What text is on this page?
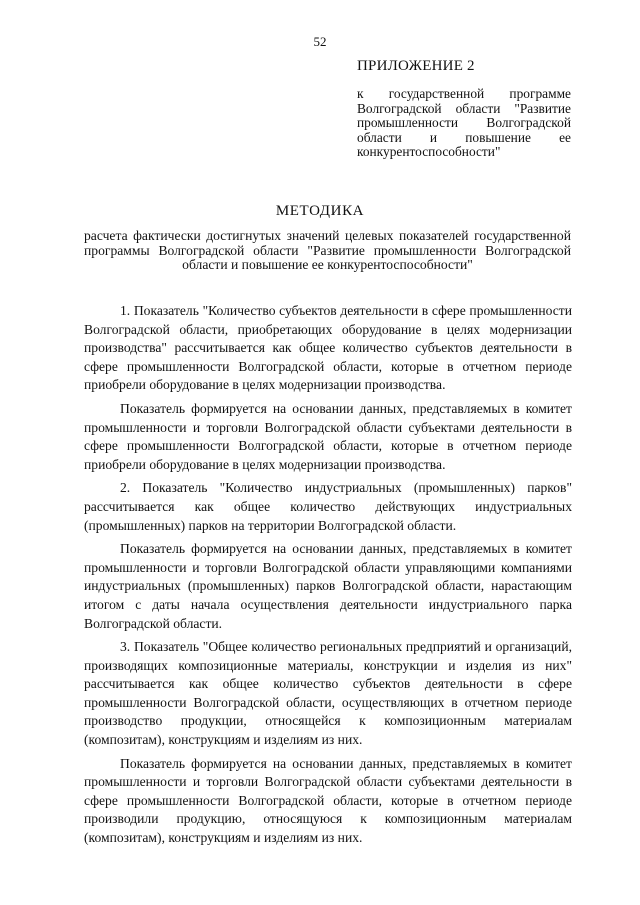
52
ПРИЛОЖЕНИЕ 2
к государственной программе Волгоградской области "Развитие промышленности Волгоградской области и повышение ее конкурентоспособности"
МЕТОДИКА
расчета фактически достигнутых значений целевых показателей государственной программы Волгоградской области "Развитие промышленности Волгоградской области и повышение ее конкурентоспособности"

1. Показатель "Количество субъектов деятельности в сфере промышленности Волгоградской области, приобретающих оборудование в целях модернизации производства" рассчитывается как общее количество субъектов деятельности в сфере промышленности Волгоградской области, которые в отчетном периоде приобрели оборудование в целях модернизации производства.

Показатель формируется на основании данных, представляемых в комитет промышленности и торговли Волгоградской области субъектами деятельности в сфере промышленности Волгоградской области, которые в отчетном периоде приобрели оборудование в целях модернизации производства.

2. Показатель "Количество индустриальных (промышленных) парков" рассчитывается как общее количество действующих индустриальных (промышленных) парков на территории Волгоградской области.

Показатель формируется на основании данных, представляемых в комитет промышленности и торговли Волгоградской области управляющими компаниями индустриальных (промышленных) парков Волгоградской области, нарастающим итогом с даты начала осуществления деятельности индустриального парка Волгоградской области.

3. Показатель "Общее количество региональных предприятий и организаций, производящих композиционные материалы, конструкции и изделия из них" рассчитывается как общее количество субъектов деятельности в сфере промышленности Волгоградской области, осуществляющих в отчетном периоде производство продукции, относящейся к композиционным материалам (композитам), конструкциям и изделиям из них.

Показатель формируется на основании данных, представляемых в комитет промышленности и торговли Волгоградской области субъектами деятельности в сфере промышленности Волгоградской области, которые в отчетном периоде производили продукцию, относящуюся к композиционным материалам (композитам), конструкциям и изделиям из них.
